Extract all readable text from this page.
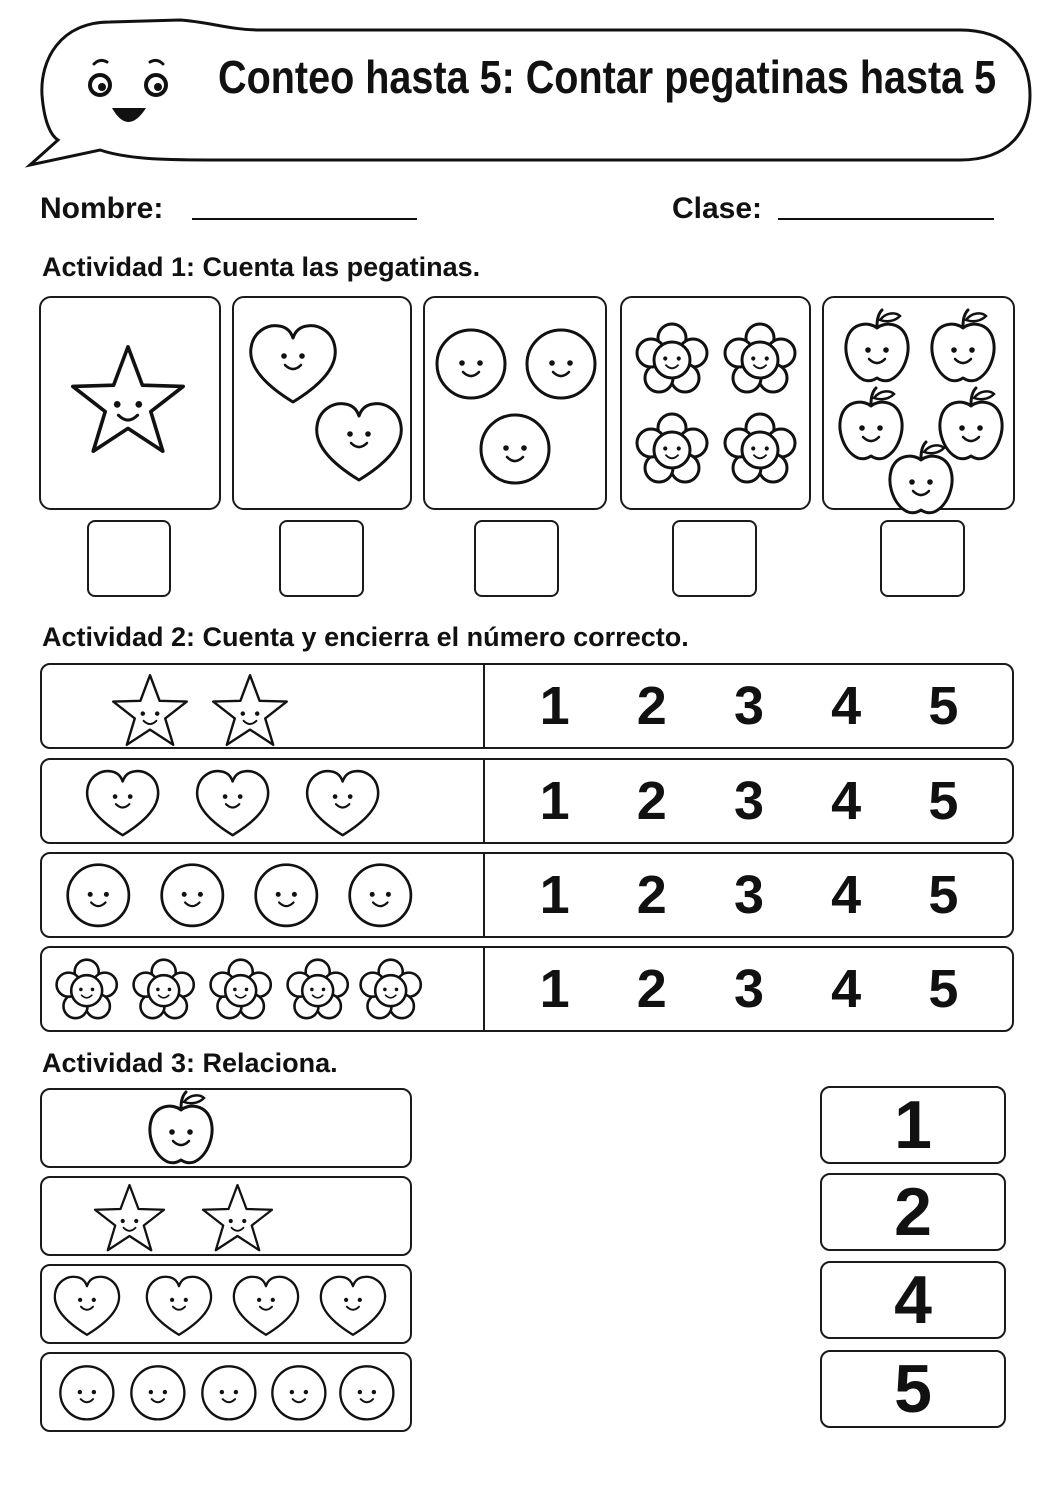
Conteo hasta 5: Contar pegatinas hasta 5
Nombre:	Clase:
Actividad 1: Cuenta las pegatinas.
Actividad 2: Cuenta y encierra el número correcto.
1 2 3 4 5
1 2 3 4 5
1 2 3 4 5
1 2 3 4 5
Actividad 3: Relaciona.
1
2
4
5
